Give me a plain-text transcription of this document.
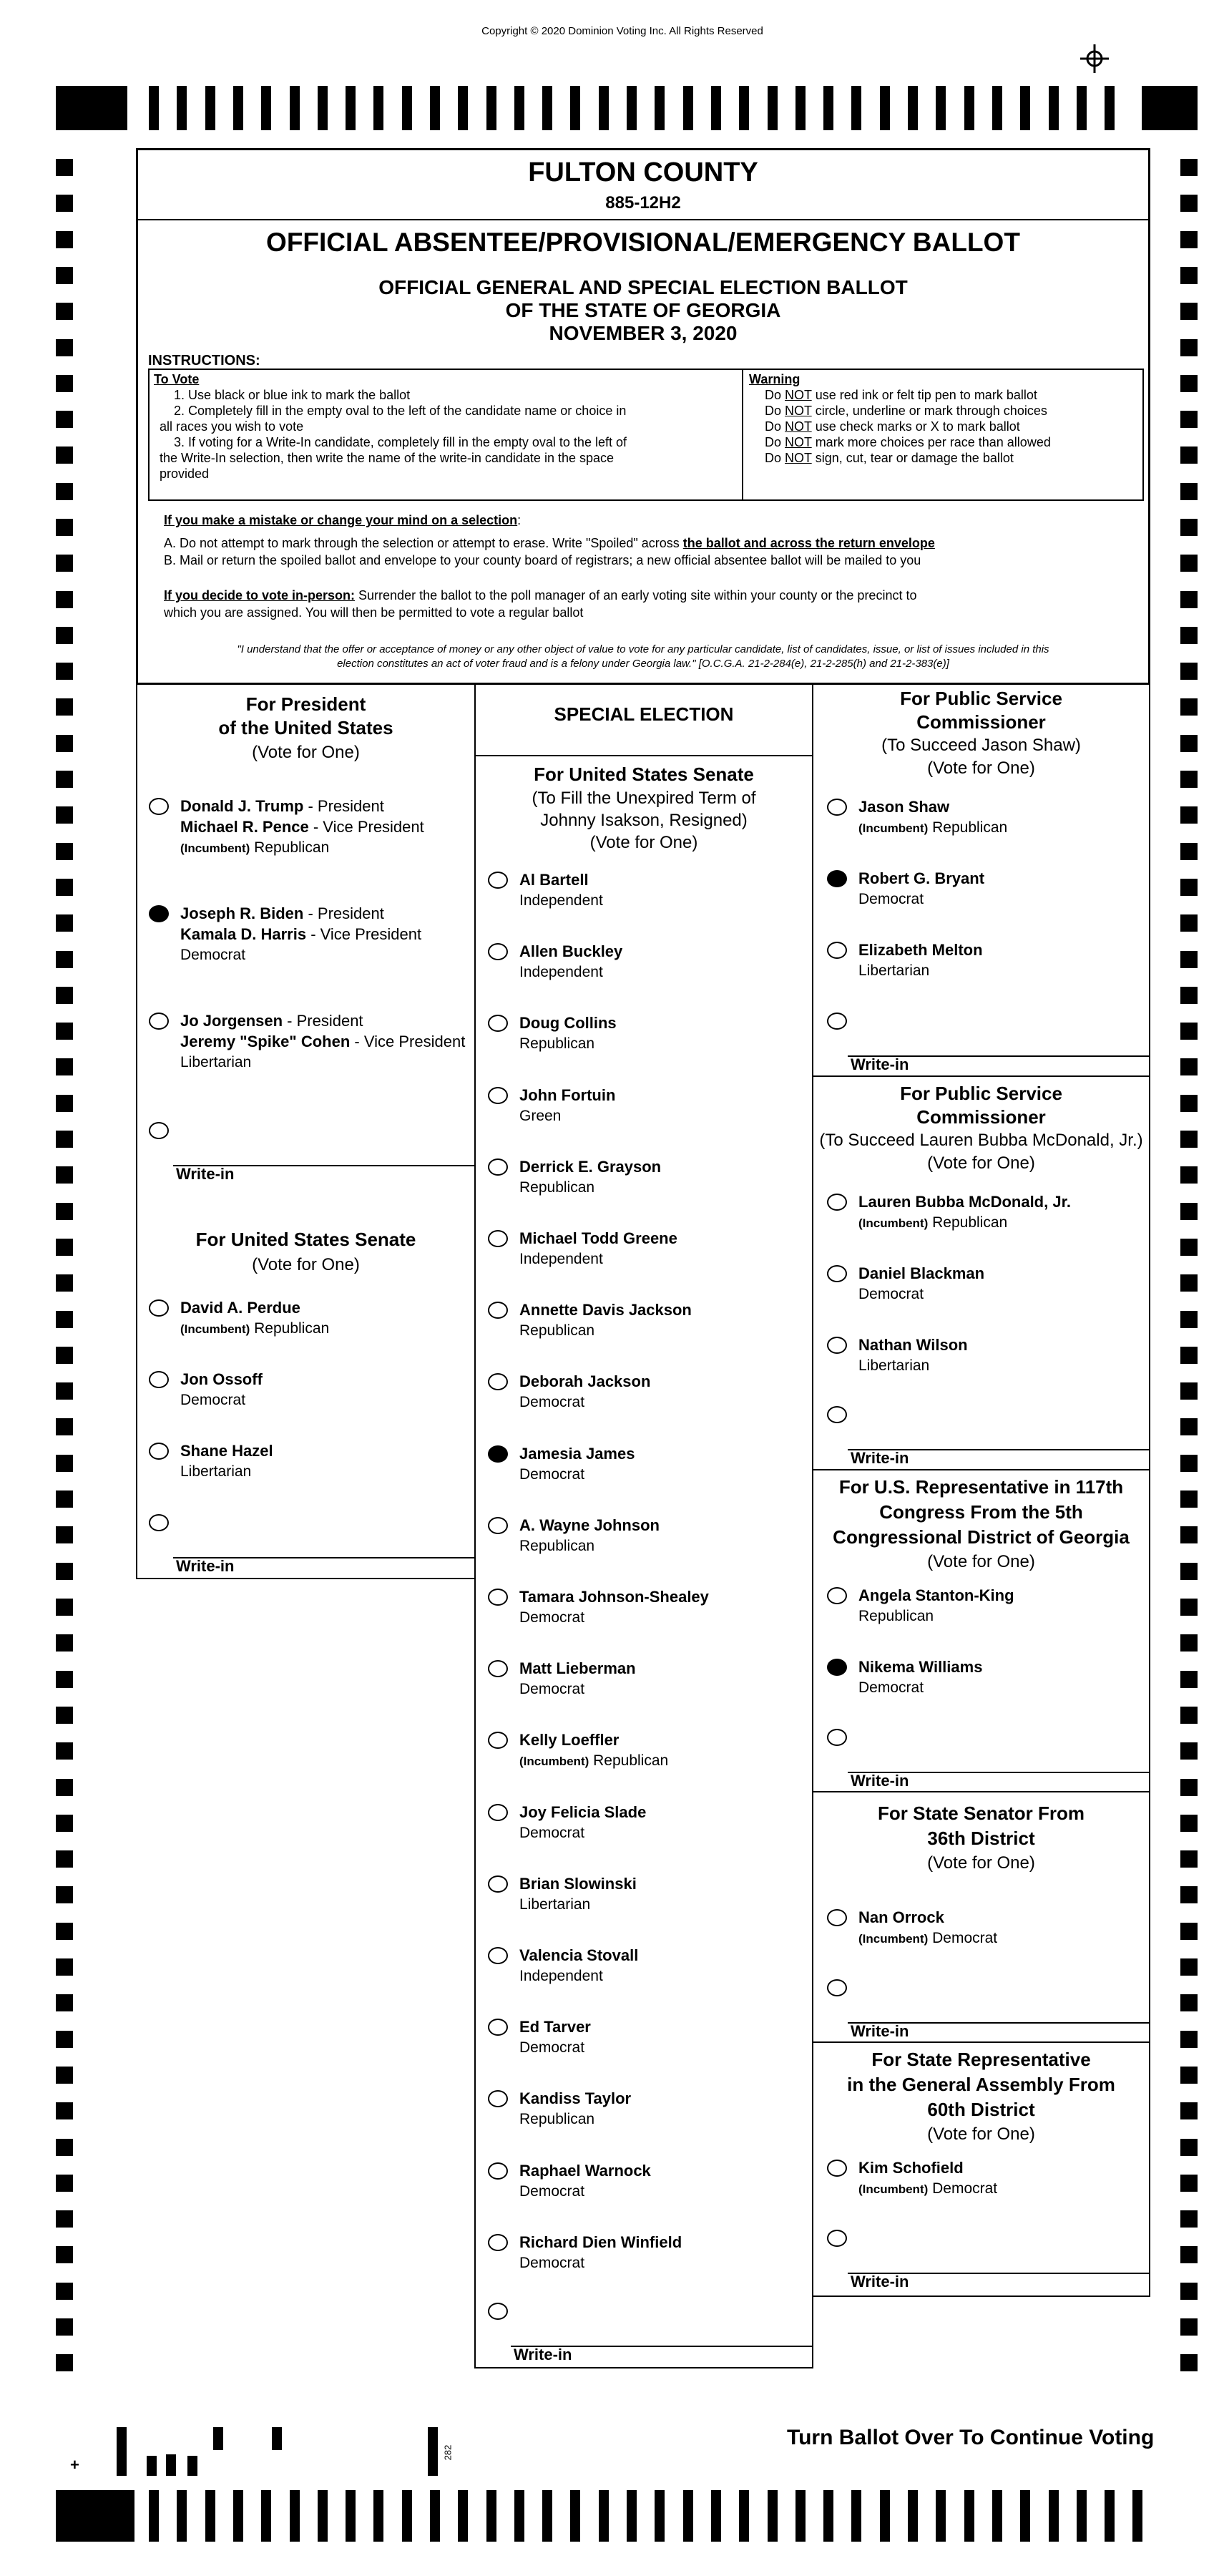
Copyright © 2020 Dominion Voting Inc. All Rights Reserved
+
282
FULTON COUNTY
885-12H2
OFFICIAL ABSENTEE/PROVISIONAL/EMERGENCY BALLOT
OFFICIAL GENERAL AND SPECIAL ELECTION BALLOT
OF THE STATE OF GEORGIA
NOVEMBER 3, 2020
INSTRUCTIONS:
To Vote
1. Use black or blue ink to mark the ballot
2. Completely fill in the empty oval to the left of the candidate name or choice in
all races you wish to vote
3. If voting for a Write-In candidate, completely fill in the empty oval to the left of
the Write-In selection, then write the name of the write-in candidate in the space
provided
Warning
Do NOT use red ink or felt tip pen to mark ballot
Do NOT circle, underline or mark through choices
Do NOT use check marks or X to mark ballot
Do NOT mark more choices per race than allowed
Do NOT sign, cut, tear or damage the ballot
If you make a mistake or change your mind on a selection:
A. Do not attempt to mark through the selection or attempt to erase. Write "Spoiled" across the ballot and across the return envelope
B. Mail or return the spoiled ballot and envelope to your county board of registrars; a new official absentee ballot will be mailed to you
If you decide to vote in-person: Surrender the ballot to the poll manager of an early voting site within your county or the precinct to
which you are assigned. You will then be permitted to vote a regular ballot
"I understand that the offer or acceptance of money or any other object of value to vote for any particular candidate, list of candidates, issue, or list of issues included in this
election constitutes an act of voter fraud and is a felony under Georgia law." [O.C.G.A. 21-2-284(e), 21-2-285(h) and 21-2-383(e)]
For President
of the United States
(Vote for One)
Donald J. Trump - President
Michael R. Pence - Vice President
(Incumbent) Republican
Joseph R. Biden - President
Kamala D. Harris - Vice President
Democrat
Jo Jorgensen - President
Jeremy "Spike" Cohen - Vice President
Libertarian
Write-in
For United States Senate
(Vote for One)
David A. Perdue
(Incumbent) Republican
Jon Ossoff
Democrat
Shane Hazel
Libertarian
Write-in
SPECIAL ELECTION
For United States Senate
(To Fill the Unexpired Term of
Johnny Isakson, Resigned)
(Vote for One)
Al Bartell
Independent
Allen Buckley
Independent
Doug Collins
Republican
John Fortuin
Green
Derrick E. Grayson
Republican
Michael Todd Greene
Independent
Annette Davis Jackson
Republican
Deborah Jackson
Democrat
Jamesia James
Democrat
A. Wayne Johnson
Republican
Tamara Johnson-Shealey
Democrat
Matt Lieberman
Democrat
Kelly Loeffler
(Incumbent) Republican
Joy Felicia Slade
Democrat
Brian Slowinski
Libertarian
Valencia Stovall
Independent
Ed Tarver
Democrat
Kandiss Taylor
Republican
Raphael Warnock
Democrat
Richard Dien Winfield
Democrat
Write-in
For Public Service
Commissioner
(To Succeed Jason Shaw)
(Vote for One)
Jason Shaw
(Incumbent) Republican
Robert G. Bryant
Democrat
Elizabeth Melton
Libertarian
Write-in
For Public Service
Commissioner
(To Succeed Lauren Bubba McDonald, Jr.)
(Vote for One)
Lauren Bubba McDonald, Jr.
(Incumbent) Republican
Daniel Blackman
Democrat
Nathan Wilson
Libertarian
Write-in
For U.S. Representative in 117th
Congress From the 5th
Congressional District of Georgia
(Vote for One)
Angela Stanton-King
Republican
Nikema Williams
Democrat
Write-in
For State Senator From
36th District
(Vote for One)
Nan Orrock
(Incumbent) Democrat
Write-in
For State Representative
in the General Assembly From
60th District
(Vote for One)
Kim Schofield
(Incumbent) Democrat
Write-in
Turn Ballot Over To Continue Voting
